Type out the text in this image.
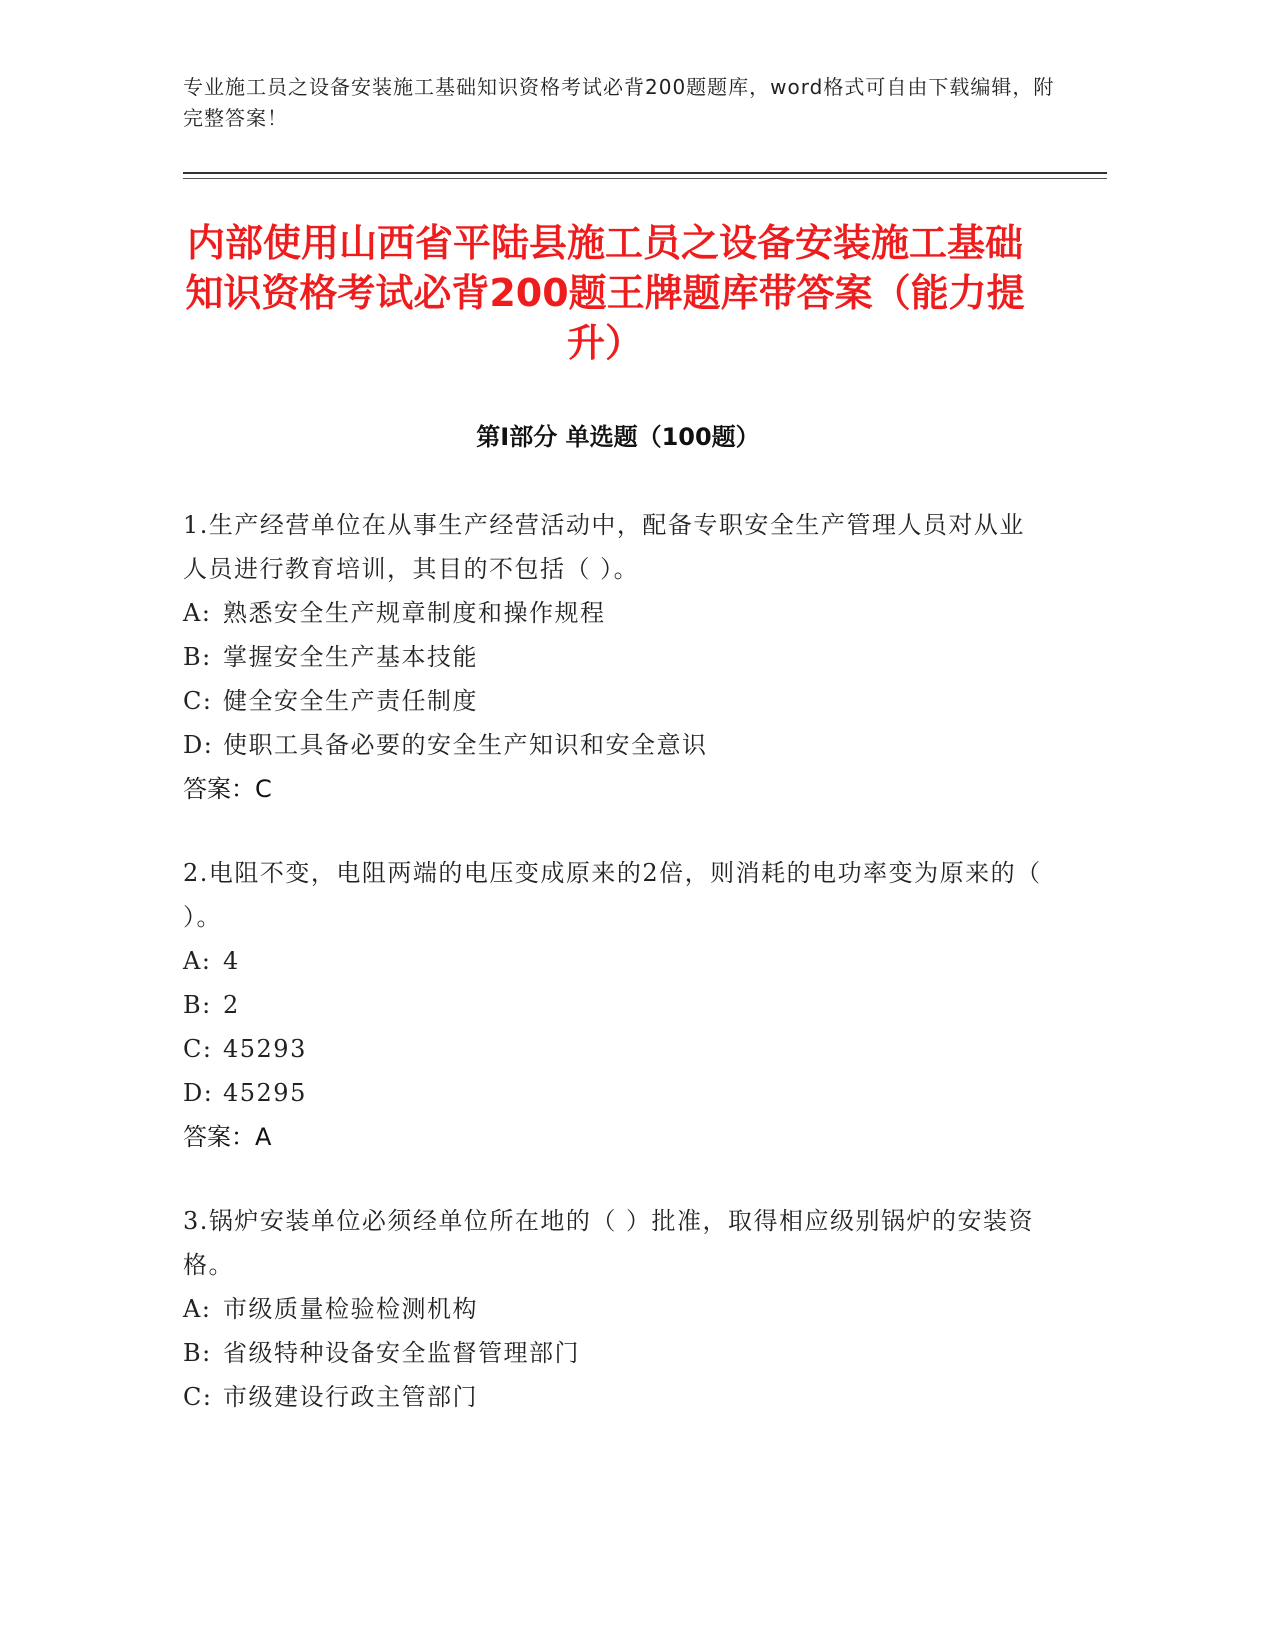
专业施工员之设备安装施工基础知识资格考试必背200题题库，word格式可自由下载编辑，附完整答案！
内部使用山西省平陆县施工员之设备安装施工基础知识资格考试必背200题王牌题库带答案（能力提升）
第Ⅰ部分 单选题（100题）
1.生产经营单位在从事生产经营活动中，配备专职安全生产管理人员对从业人员进行教育培训，其目的不包括（ ）。
A: 熟悉安全生产规章制度和操作规程
B: 掌握安全生产基本技能
C: 健全安全生产责任制度
D: 使职工具备必要的安全生产知识和安全意识
答案：C
2.电阻不变，电阻两端的电压变成原来的2倍，则消耗的电功率变为原来的（ ）。
A: 4
B: 2
C: 45293
D: 45295
答案：A
3.锅炉安装单位必须经单位所在地的（ ）批准，取得相应级别锅炉的安装资格。
A: 市级质量检验检测机构
B: 省级特种设备安全监督管理部门
C: 市级建设行政主管部门
